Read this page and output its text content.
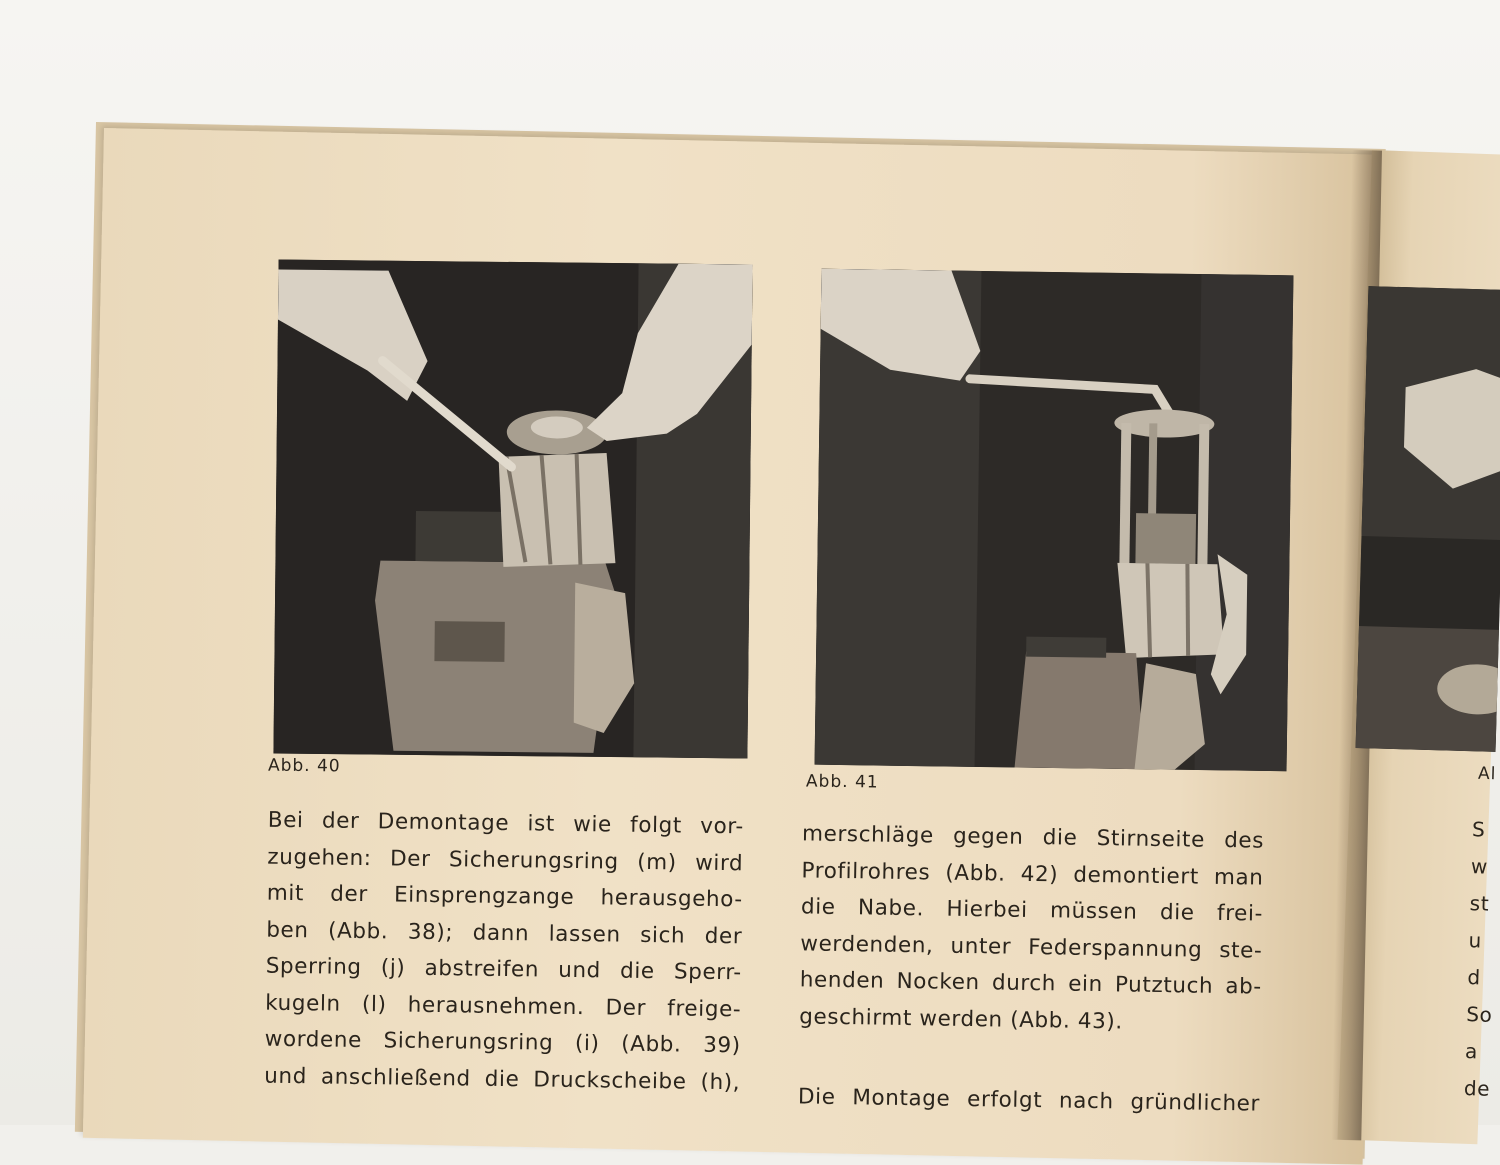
Abb. 40
Abb. 41	Al
Bei der Demontage ist wie folgt vor-
zugehen: Der Sicherungsring (m) wird
mit der Einsprengzange herausgeho-
ben (Abb. 38); dann lassen sich der
Sperring (j) abstreifen und die Sperr-
kugeln (l) herausnehmen. Der freige-
wordene Sicherungsring (i) (Abb. 39)
und anschließend die Druckscheibe (h),
merschläge gegen die Stirnseite des
Profilrohres (Abb. 42) demontiert man
die Nabe. Hierbei müssen die frei-
werdenden, unter Federspannung ste-
henden Nocken durch ein Putztuch ab-
geschirmt werden (Abb. 43).
Die Montage erfolgt nach gründlicher
S
w
st
u
d
So
a
de
